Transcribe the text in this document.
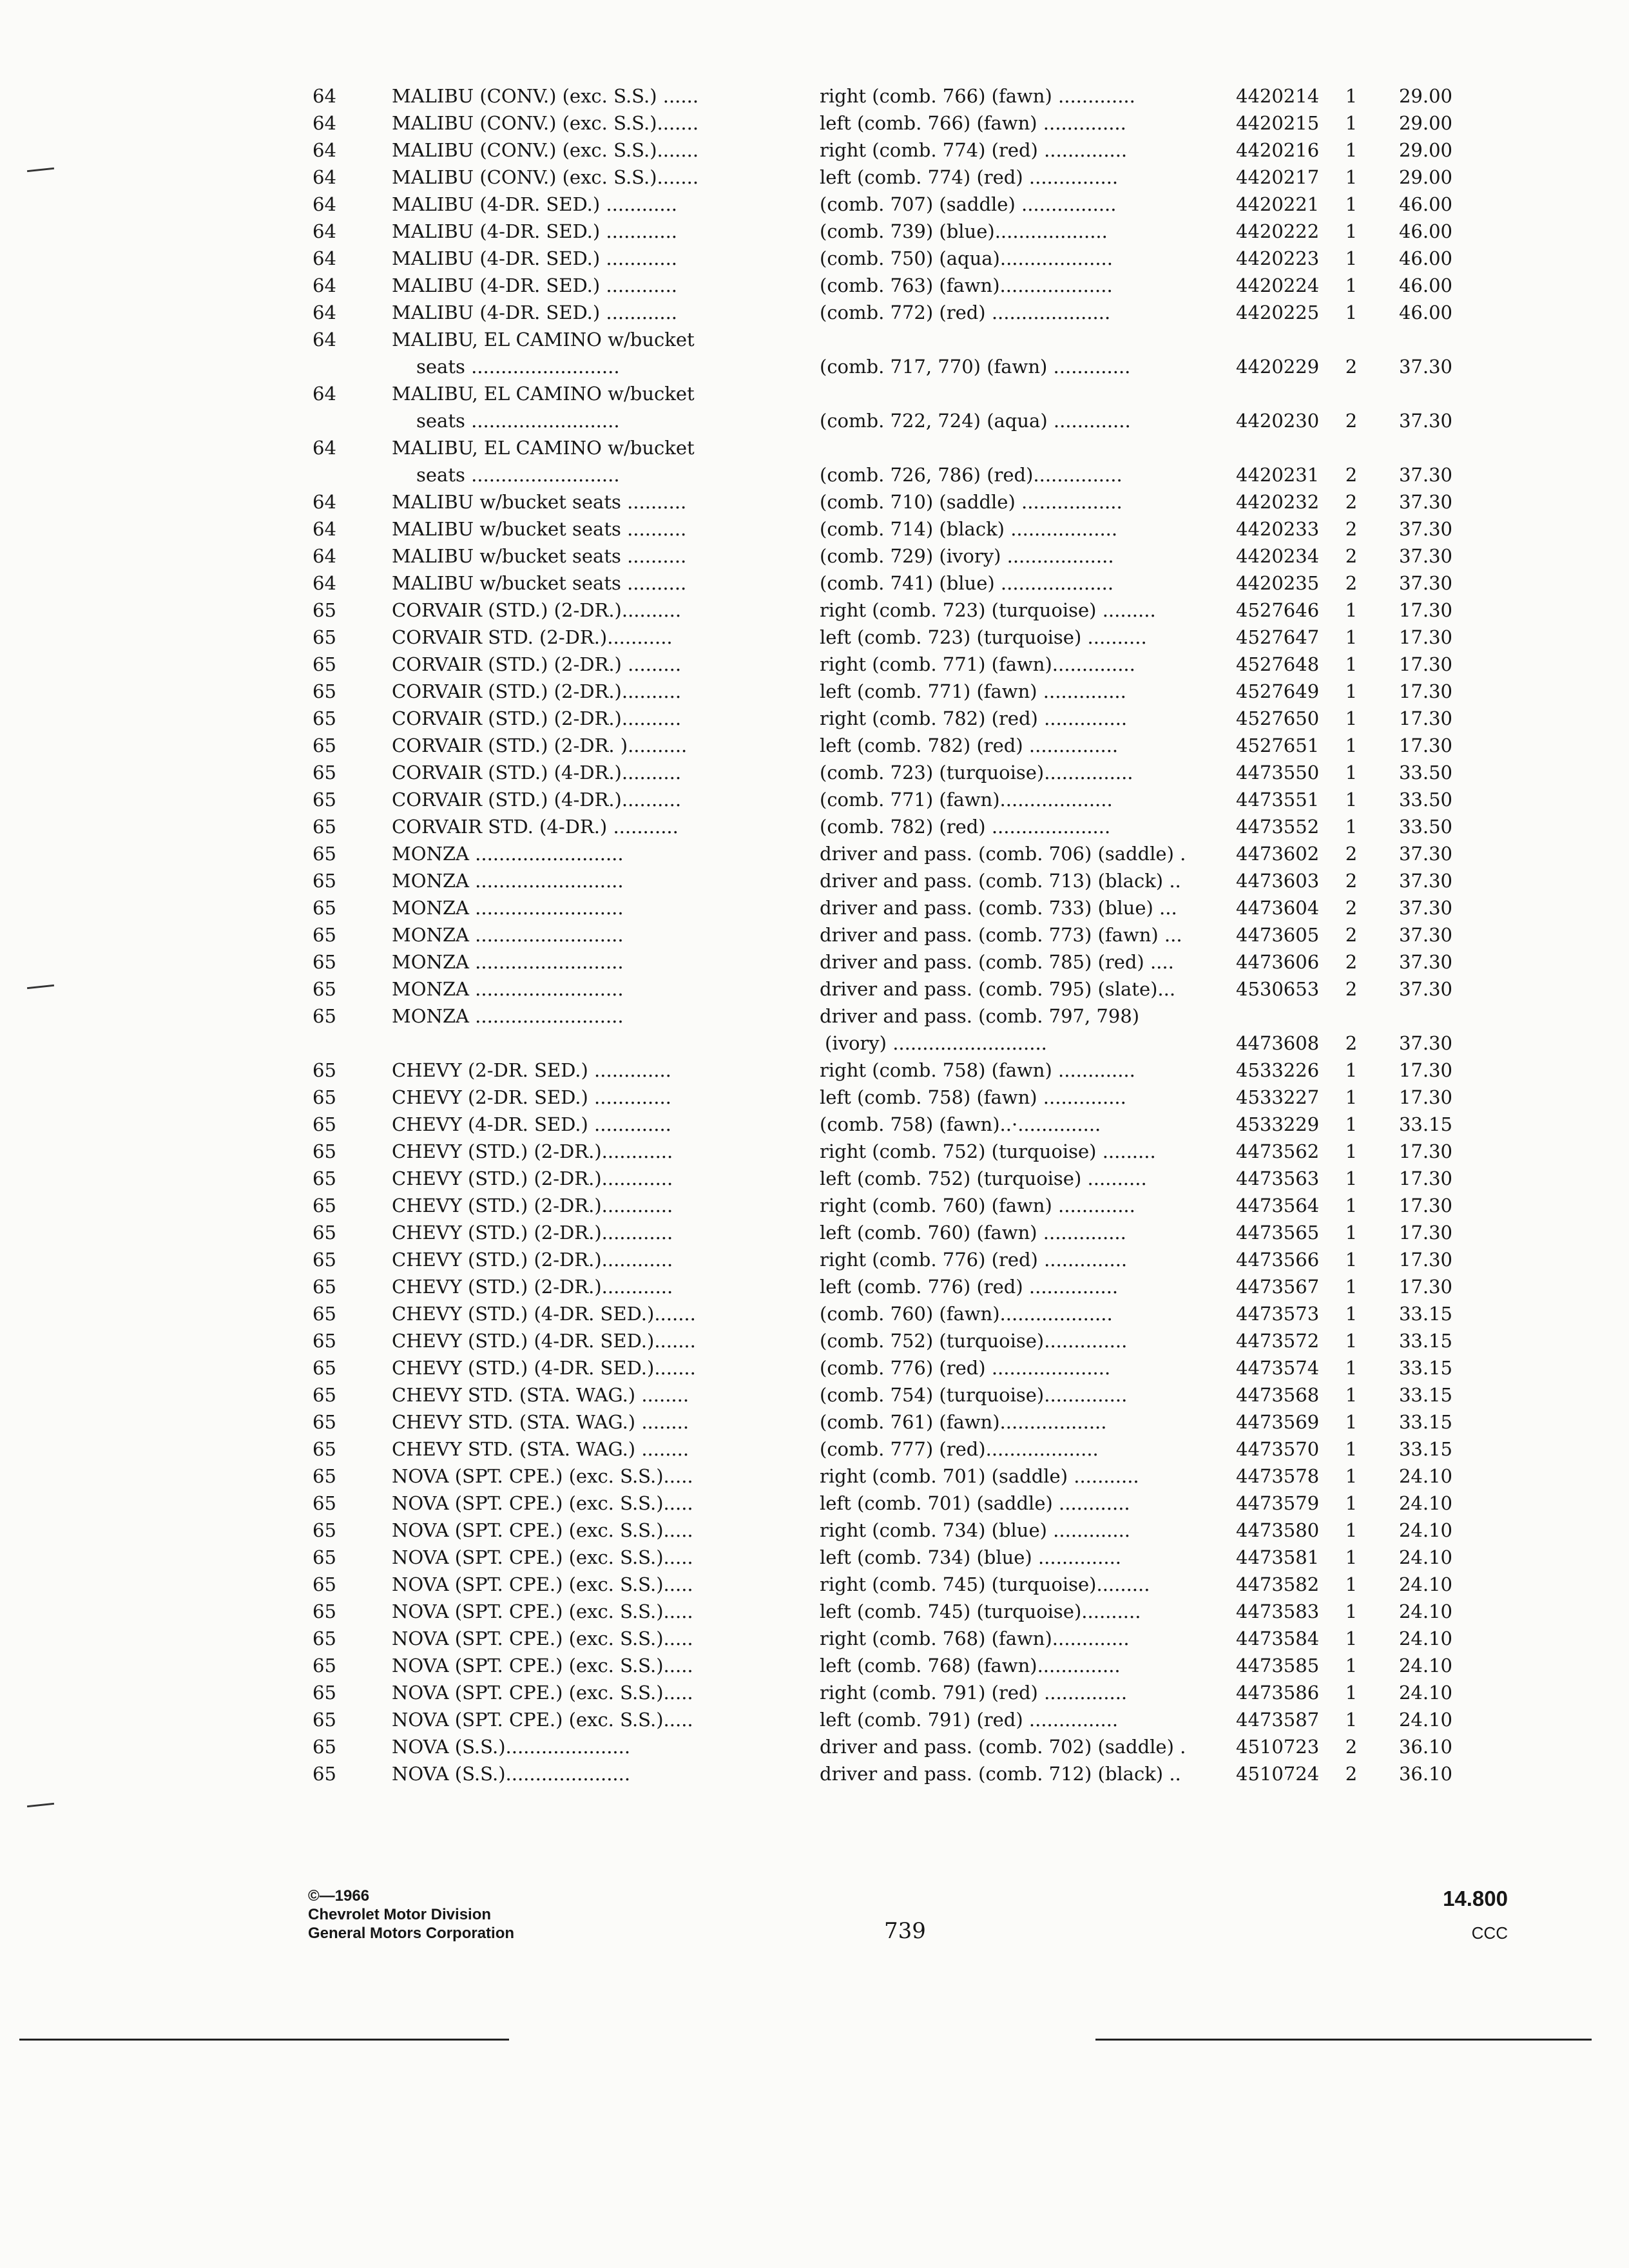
64	MALIBU (CONV.) (exc. S.S.) ......	right (comb. 766) (fawn) .............	4420214	1	29.00
64	MALIBU (CONV.) (exc. S.S.).......	left (comb. 766) (fawn) ..............	4420215	1	29.00
64	MALIBU (CONV.) (exc. S.S.).......	right (comb. 774) (red) ..............	4420216	1	29.00
64	MALIBU (CONV.) (exc. S.S.).......	left (comb. 774) (red) ...............	4420217	1	29.00
64	MALIBU (4-DR. SED.) ............	(comb. 707) (saddle) ................	4420221	1	46.00
64	MALIBU (4-DR. SED.) ............	(comb. 739) (blue)...................	4420222	1	46.00
64	MALIBU (4-DR. SED.) ............	(comb. 750) (aqua)...................	4420223	1	46.00
64	MALIBU (4-DR. SED.) ............	(comb. 763) (fawn)...................	4420224	1	46.00
64	MALIBU (4-DR. SED.) ............	(comb. 772) (red) ....................	4420225	1	46.00
64	MALIBU, EL CAMINO w/bucket
seats .........................	(comb. 717, 770) (fawn) .............	4420229	2	37.30
64	MALIBU, EL CAMINO w/bucket
seats .........................	(comb. 722, 724) (aqua) .............	4420230	2	37.30
64	MALIBU, EL CAMINO w/bucket
seats .........................	(comb. 726, 786) (red)...............	4420231	2	37.30
64	MALIBU w/bucket seats ..........	(comb. 710) (saddle) .................	4420232	2	37.30
64	MALIBU w/bucket seats ..........	(comb. 714) (black) ..................	4420233	2	37.30
64	MALIBU w/bucket seats ..........	(comb. 729) (ivory) ..................	4420234	2	37.30
64	MALIBU w/bucket seats ..........	(comb. 741) (blue) ...................	4420235	2	37.30
65	CORVAIR (STD.) (2-DR.)..........	right (comb. 723) (turquoise) .........	4527646	1	17.30
65	CORVAIR STD. (2-DR.)...........	left (comb. 723) (turquoise) ..........	4527647	1	17.30
65	CORVAIR (STD.) (2-DR.) .........	right (comb. 771) (fawn)..............	4527648	1	17.30
65	CORVAIR (STD.) (2-DR.)..........	left (comb. 771) (fawn) ..............	4527649	1	17.30
65	CORVAIR (STD.) (2-DR.)..........	right (comb. 782) (red) ..............	4527650	1	17.30
65	CORVAIR (STD.) (2-DR. )..........	left (comb. 782) (red) ...............	4527651	1	17.30
65	CORVAIR (STD.) (4-DR.)..........	(comb. 723) (turquoise)...............	4473550	1	33.50
65	CORVAIR (STD.) (4-DR.)..........	(comb. 771) (fawn)...................	4473551	1	33.50
65	CORVAIR STD. (4-DR.) ...........	(comb. 782) (red) ....................	4473552	1	33.50
65	MONZA .........................	driver and pass. (comb. 706) (saddle) .	4473602	2	37.30
65	MONZA .........................	driver and pass. (comb. 713) (black) ..	4473603	2	37.30
65	MONZA .........................	driver and pass. (comb. 733) (blue) ...	4473604	2	37.30
65	MONZA .........................	driver and pass. (comb. 773) (fawn) ...	4473605	2	37.30
65	MONZA .........................	driver and pass. (comb. 785) (red) ....	4473606	2	37.30
65	MONZA .........................	driver and pass. (comb. 795) (slate)...	4530653	2	37.30
65	MONZA .........................	driver and pass. (comb. 797, 798)
(ivory) ..........................	4473608	2	37.30
65	CHEVY (2-DR. SED.) .............	right (comb. 758) (fawn) .............	4533226	1	17.30
65	CHEVY (2-DR. SED.) .............	left (comb. 758) (fawn) ..............	4533227	1	17.30
65	CHEVY (4-DR. SED.) .............	(comb. 758) (fawn)..·..............	4533229	1	33.15
65	CHEVY (STD.) (2-DR.)............	right (comb. 752) (turquoise) .........	4473562	1	17.30
65	CHEVY (STD.) (2-DR.)............	left (comb. 752) (turquoise) ..........	4473563	1	17.30
65	CHEVY (STD.) (2-DR.)............	right (comb. 760) (fawn) .............	4473564	1	17.30
65	CHEVY (STD.) (2-DR.)............	left (comb. 760) (fawn) ..............	4473565	1	17.30
65	CHEVY (STD.) (2-DR.)............	right (comb. 776) (red) ..............	4473566	1	17.30
65	CHEVY (STD.) (2-DR.)............	left (comb. 776) (red) ...............	4473567	1	17.30
65	CHEVY (STD.) (4-DR. SED.).......	(comb. 760) (fawn)...................	4473573	1	33.15
65	CHEVY (STD.) (4-DR. SED.).......	(comb. 752) (turquoise)..............	4473572	1	33.15
65	CHEVY (STD.) (4-DR. SED.).......	(comb. 776) (red) ....................	4473574	1	33.15
65	CHEVY STD. (STA. WAG.) ........	(comb. 754) (turquoise)..............	4473568	1	33.15
65	CHEVY STD. (STA. WAG.) ........	(comb. 761) (fawn)..................	4473569	1	33.15
65	CHEVY STD. (STA. WAG.) ........	(comb. 777) (red)...................	4473570	1	33.15
65	NOVA (SPT. CPE.) (exc. S.S.).....	right (comb. 701) (saddle) ...........	4473578	1	24.10
65	NOVA (SPT. CPE.) (exc. S.S.).....	left (comb. 701) (saddle) ............	4473579	1	24.10
65	NOVA (SPT. CPE.) (exc. S.S.).....	right (comb. 734) (blue) .............	4473580	1	24.10
65	NOVA (SPT. CPE.) (exc. S.S.).....	left (comb. 734) (blue) ..............	4473581	1	24.10
65	NOVA (SPT. CPE.) (exc. S.S.).....	right (comb. 745) (turquoise).........	4473582	1	24.10
65	NOVA (SPT. CPE.) (exc. S.S.).....	left (comb. 745) (turquoise)..........	4473583	1	24.10
65	NOVA (SPT. CPE.) (exc. S.S.).....	right (comb. 768) (fawn).............	4473584	1	24.10
65	NOVA (SPT. CPE.) (exc. S.S.).....	left (comb. 768) (fawn)..............	4473585	1	24.10
65	NOVA (SPT. CPE.) (exc. S.S.).....	right (comb. 791) (red) ..............	4473586	1	24.10
65	NOVA (SPT. CPE.) (exc. S.S.).....	left (comb. 791) (red) ...............	4473587	1	24.10
65	NOVA (S.S.).....................	driver and pass. (comb. 702) (saddle) .	4510723	2	36.10
65	NOVA (S.S.).....................	driver and pass. (comb. 712) (black) ..	4510724	2	36.10
©—1966
Chevrolet Motor Division
General Motors Corporation	739
14.800
CCC
